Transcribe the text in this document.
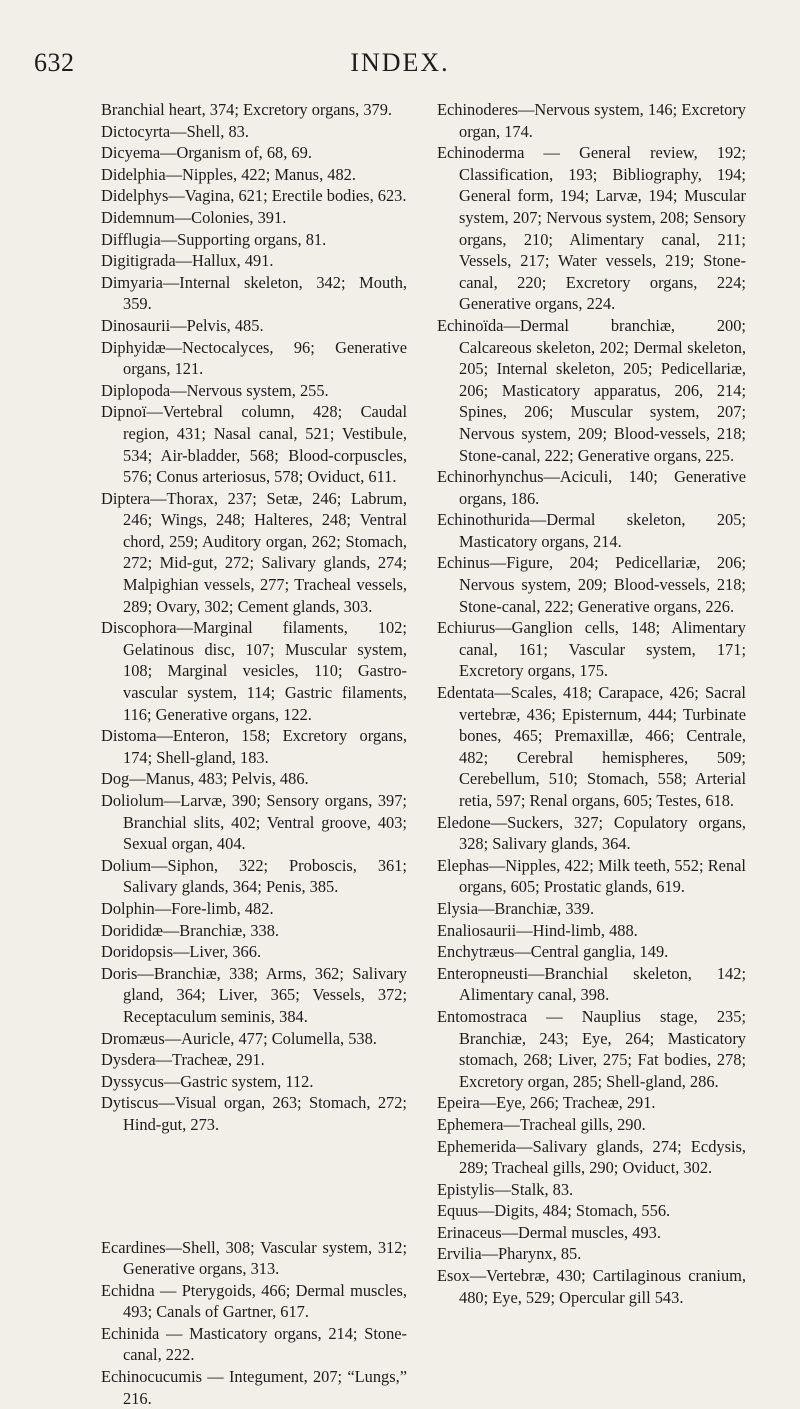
632	INDEX.

Branchial heart, 374; Excretory organs, 379.

Dictocyrta—Shell, 83.

Dicyema—Organism of, 68, 69.

Didelphia—Nipples, 422; Manus, 482.

Didelphys—Vagina, 621; Erectile bodies, 623.

Didemnum—Colonies, 391.

Difflugia—Supporting organs, 81.

Digitigrada—Hallux, 491.

Dimyaria—Internal skeleton, 342; Mouth, 359.

Dinosaurii—Pelvis, 485.

Diphyidæ—Nectocalyces, 96; Generative organs, 121.

Diplopoda—Nervous system, 255.

Dipnoï—Vertebral column, 428; Caudal region, 431; Nasal canal, 521; Vestibule, 534; Air-bladder, 568; Blood-corpuscles, 576; Conus arteriosus, 578; Oviduct, 611.

Diptera—Thorax, 237; Setæ, 246; Labrum, 246; Wings, 248; Halteres, 248; Ventral chord, 259; Auditory organ, 262; Stomach, 272; Mid-gut, 272; Salivary glands, 274; Malpighian vessels, 277; Tracheal vessels, 289; Ovary, 302; Cement glands, 303.

Discophora—Marginal filaments, 102; Gelatinous disc, 107; Muscular system, 108; Marginal vesicles, 110; Gastro-vascular system, 114; Gastric filaments, 116; Generative organs, 122.

Distoma—Enteron, 158; Excretory organs, 174; Shell-gland, 183.

Dog—Manus, 483; Pelvis, 486.

Doliolum—Larvæ, 390; Sensory organs, 397; Branchial slits, 402; Ventral groove, 403; Sexual organ, 404.

Dolium—Siphon, 322; Proboscis, 361; Salivary glands, 364; Penis, 385.

Dolphin—Fore-limb, 482.

Dorididæ—Branchiæ, 338.

Doridopsis—Liver, 366.

Doris—Branchiæ, 338; Arms, 362; Salivary gland, 364; Liver, 365; Vessels, 372; Receptaculum seminis, 384.

Dromæus—Auricle, 477; Columella, 538.

Dysdera—Tracheæ, 291.

Dyssycus—Gastric system, 112.

Dytiscus—Visual organ, 263; Stomach, 272; Hind-gut, 273.

Ecardines—Shell, 308; Vascular system, 312; Generative organs, 313.

Echidna — Pterygoids, 466; Dermal muscles, 493; Canals of Gartner, 617.

Echinida — Masticatory organs, 214; Stone-canal, 222.

Echinocucumis — Integument, 207; “Lungs,” 216.

Echinoderes—Nervous system, 146; Excretory organ, 174.

Echinoderma — General review, 192; Classification, 193; Bibliography, 194; General form, 194; Larvæ, 194; Muscular system, 207; Nervous system, 208; Sensory organs, 210; Alimentary canal, 211; Vessels, 217; Water vessels, 219; Stone-canal, 220; Excretory organs, 224; Generative organs, 224.

Echinoïda—Dermal branchiæ, 200; Calcareous skeleton, 202; Dermal skeleton, 205; Internal skeleton, 205; Pedicellariæ, 206; Masticatory apparatus, 206, 214; Spines, 206; Muscular system, 207; Nervous system, 209; Blood-vessels, 218; Stone-canal, 222; Generative organs, 225.

Echinorhynchus—Aciculi, 140; Generative organs, 186.

Echinothurida—Dermal skeleton, 205; Masticatory organs, 214.

Echinus—Figure, 204; Pedicellariæ, 206; Nervous system, 209; Blood-vessels, 218; Stone-canal, 222; Generative organs, 226.

Echiurus—Ganglion cells, 148; Alimentary canal, 161; Vascular system, 171; Excretory organs, 175.

Edentata—Scales, 418; Carapace, 426; Sacral vertebræ, 436; Episternum, 444; Turbinate bones, 465; Premaxillæ, 466; Centrale, 482; Cerebral hemispheres, 509; Cerebellum, 510; Stomach, 558; Arterial retia, 597; Renal organs, 605; Testes, 618.

Eledone—Suckers, 327; Copulatory organs, 328; Salivary glands, 364.

Elephas—Nipples, 422; Milk teeth, 552; Renal organs, 605; Prostatic glands, 619.

Elysia—Branchiæ, 339.

Enaliosaurii—Hind-limb, 488.

Enchytræus—Central ganglia, 149.

Enteropneusti—Branchial skeleton, 142; Alimentary canal, 398.

Entomostraca — Nauplius stage, 235; Branchiæ, 243; Eye, 264; Masticatory stomach, 268; Liver, 275; Fat bodies, 278; Excretory organ, 285; Shell-gland, 286.

Epeira—Eye, 266; Tracheæ, 291.

Ephemera—Tracheal gills, 290.

Ephemerida—Salivary glands, 274; Ecdysis, 289; Tracheal gills, 290; Oviduct, 302.

Epistylis—Stalk, 83.

Equus—Digits, 484; Stomach, 556.

Erinaceus—Dermal muscles, 493.

Ervilia—Pharynx, 85.

Esox—Vertebræ, 430; Cartilaginous cranium, 480; Eye, 529; Opercular gill 543.
